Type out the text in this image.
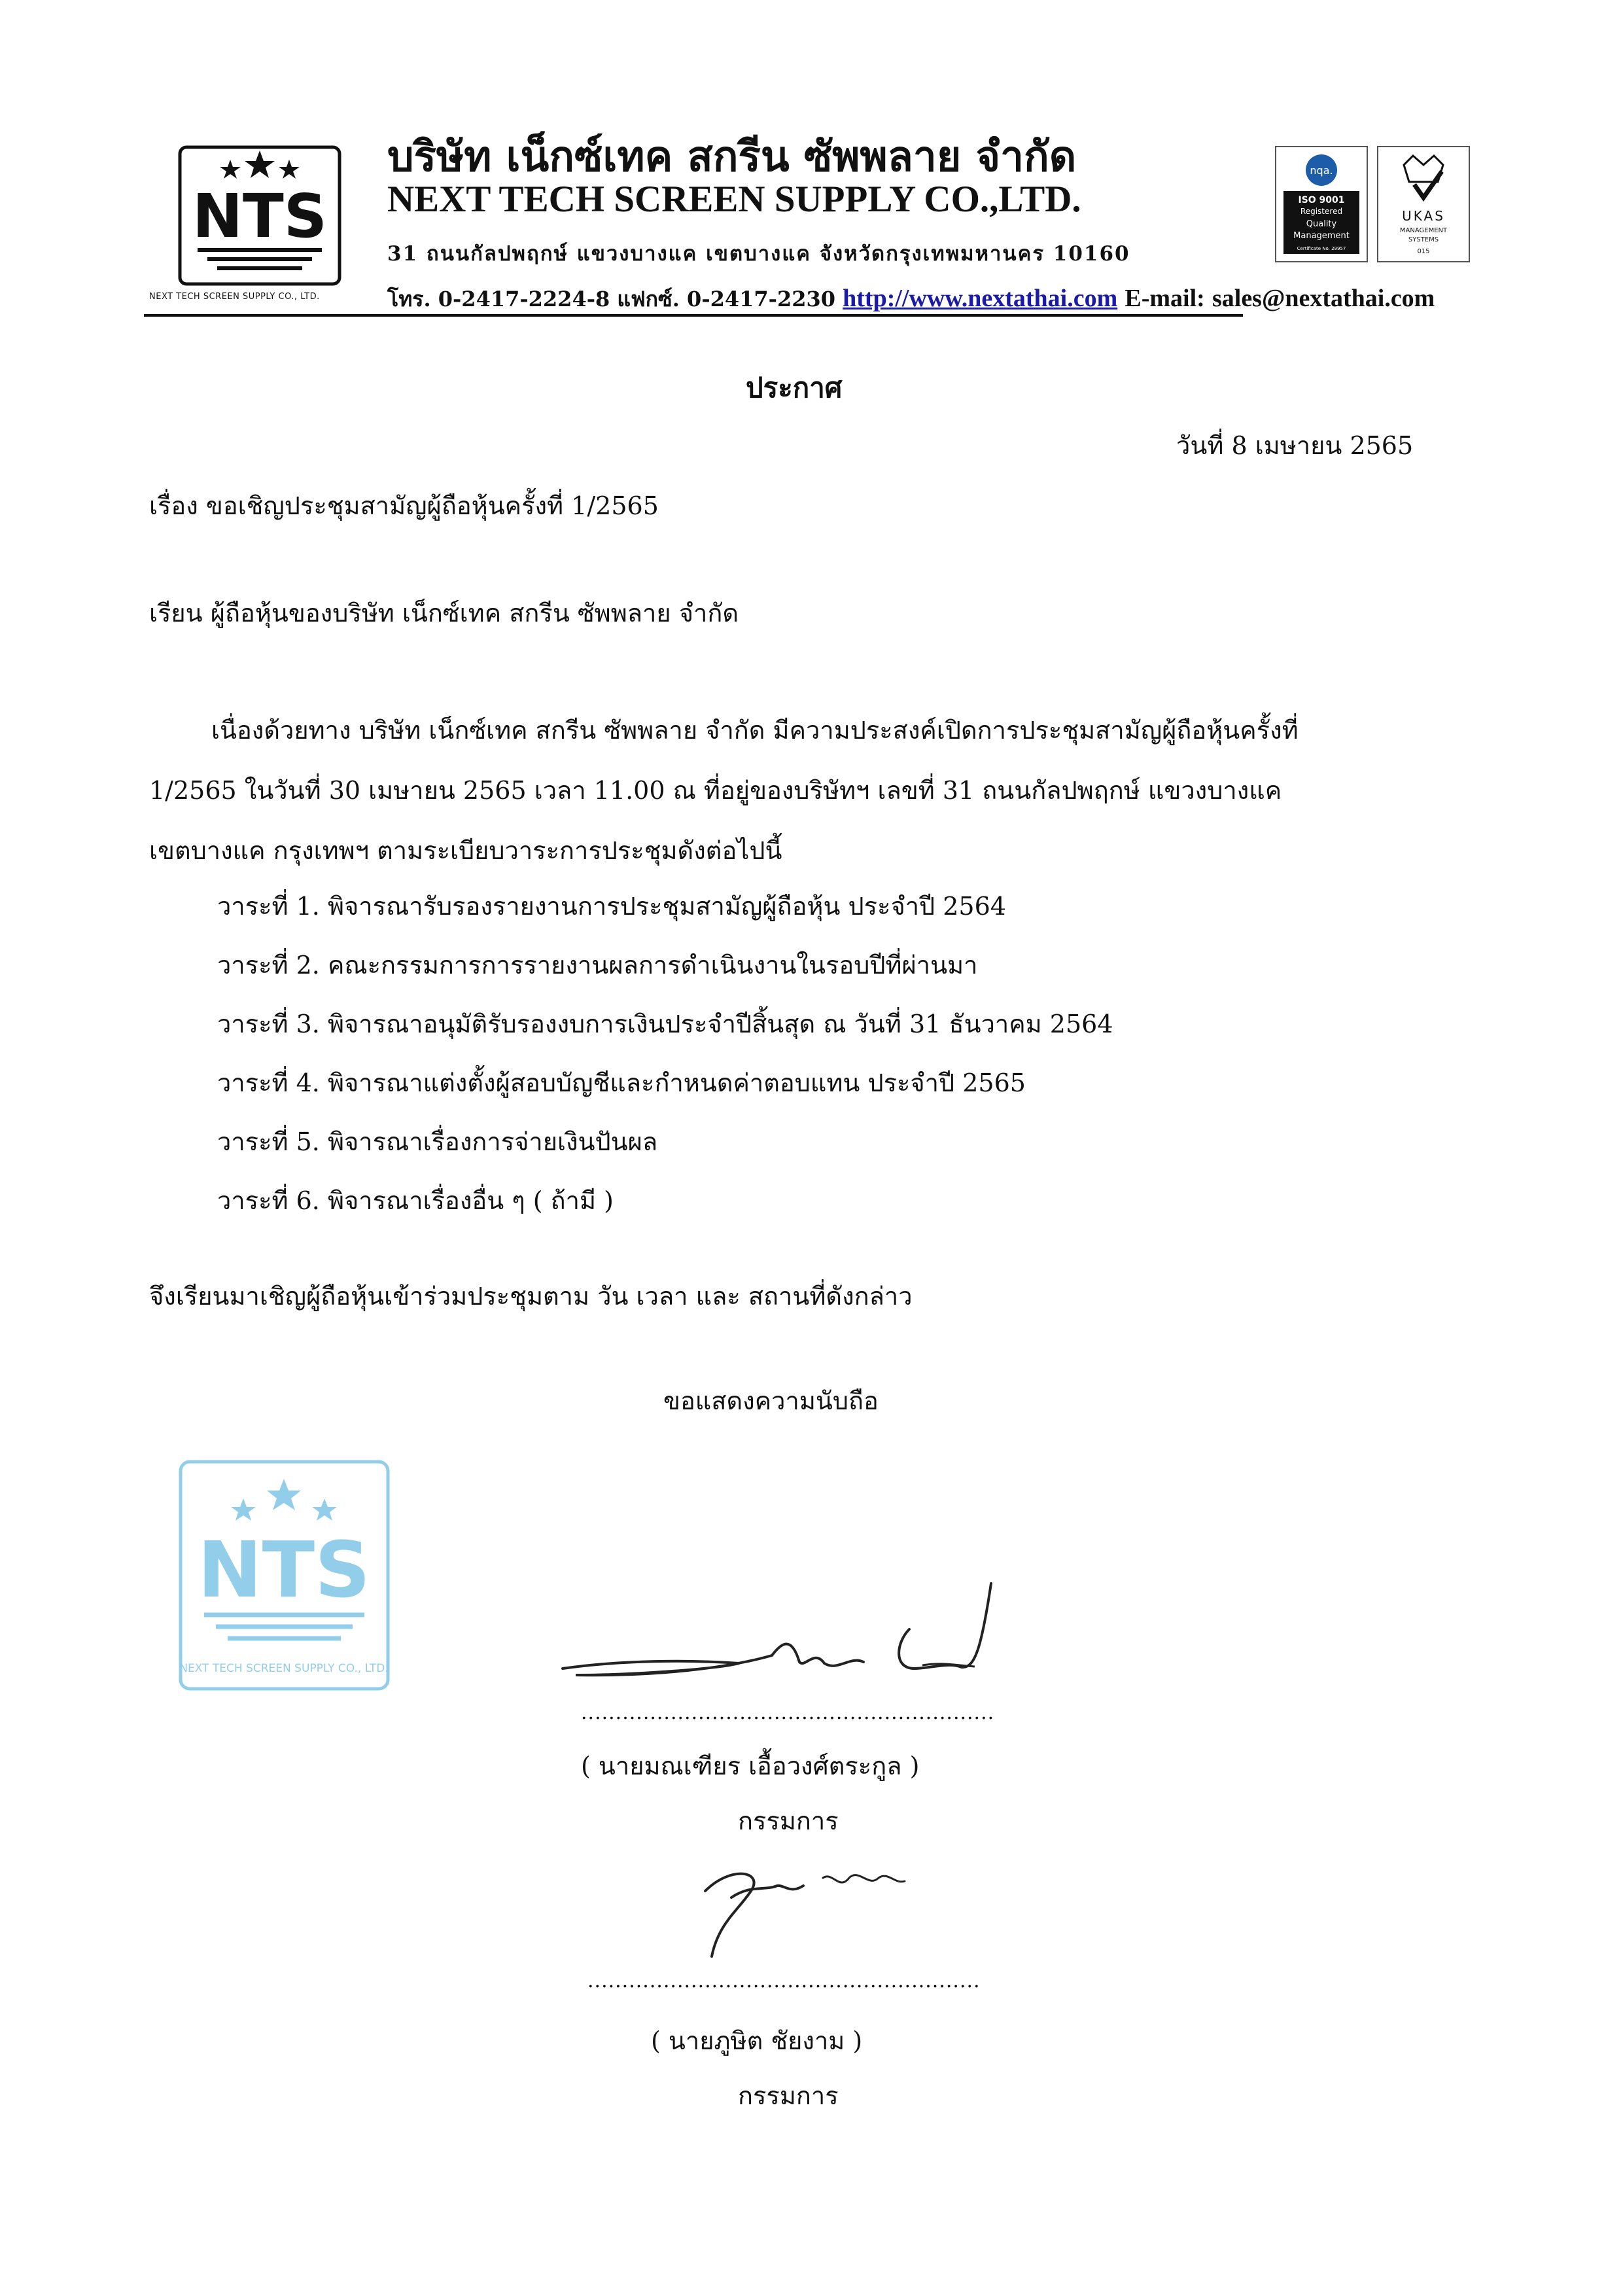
NTS
NEXT TECH SCREEN SUPPLY CO., LTD.
บริษัท เน็กซ์เทค สกรีน ซัพพลาย จำกัด
NEXT TECH SCREEN SUPPLY CO.,LTD.
31 ถนนกัลปพฤกษ์ แขวงบางแค เขตบางแค จังหวัดกรุงเทพมหานคร 10160
โทร. 0-2417-2224-8 แฟกซ์. 0-2417-2230 http://www.nextathai.com E-mail: sales@nextathai.com
nqa.
ISO 9001
Registered
Quality
Management
Certificate No. 29957
UKAS
MANAGEMENT
SYSTEMS
015
ประกาศ
วันที่ 8 เมษายน 2565
เรื่อง ขอเชิญประชุมสามัญผู้ถือหุ้นครั้งที่ 1/2565
เรียน ผู้ถือหุ้นของบริษัท เน็กซ์เทค สกรีน ซัพพลาย จำกัด
เนื่องด้วยทาง บริษัท เน็กซ์เทค สกรีน ซัพพลาย จำกัด มีความประสงค์เปิดการประชุมสามัญผู้ถือหุ้นครั้งที่
1/2565 ในวันที่ 30 เมษายน 2565 เวลา 11.00 ณ ที่อยู่ของบริษัทฯ เลขที่ 31 ถนนกัลปพฤกษ์ แขวงบางแค
เขตบางแค กรุงเทพฯ ตามระเบียบวาระการประชุมดังต่อไปนี้
วาระที่ 1. พิจารณารับรองรายงานการประชุมสามัญผู้ถือหุ้น ประจำปี 2564
วาระที่ 2. คณะกรรมการการรายงานผลการดำเนินงานในรอบปีที่ผ่านมา
วาระที่ 3. พิจารณาอนุมัติรับรองงบการเงินประจำปีสิ้นสุด ณ วันที่ 31 ธันวาคม 2564
วาระที่ 4. พิจารณาแต่งตั้งผู้สอบบัญชีและกำหนดค่าตอบแทน ประจำปี 2565
วาระที่ 5. พิจารณาเรื่องการจ่ายเงินปันผล
วาระที่ 6. พิจารณาเรื่องอื่น ๆ ( ถ้ามี )
จึงเรียนมาเชิญผู้ถือหุ้นเข้าร่วมประชุมตาม วัน เวลา และ สถานที่ดังกล่าว
ขอแสดงความนับถือ
NTS
NEXT TECH SCREEN SUPPLY CO., LTD.
............................................................
( นายมณเฑียร เอื้อวงศ์ตระกูล )
กรรมการ
.........................................................
( นายภูษิต ชัยงาม )
กรรมการ
